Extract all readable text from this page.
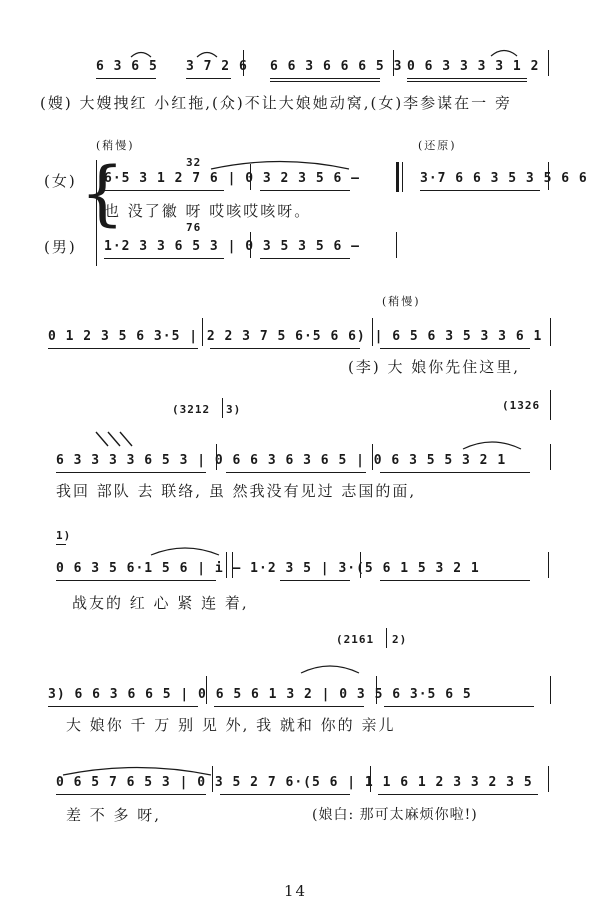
6 3 6 5 3 7 2 6 6 6 3 6 6 6 5 3 0 6 3 3 3 3 1 2
(嫂) 大嫂拽红 小红拖,(众)不让大娘她动窝,(女)李参谋在一 旁
(稍慢)	(还原)
32
{
(女)
(男)
6·5 3 1 2 7 6 | 0 3 2 3 5 6 —	3·7 6 6 3 5 3 5 6 6
也 没了徽 呀 哎咳哎咳呀。
76
1·2 3 3 6 5 3 | 0 3 5 3 5 6 —
(稍慢)
0 1 2 3 5 6 3·5 | 2 2 3 7 5 6·5 6 6) | 6 5 6 3 5 3 3 6 1
(李) 大 娘你先住这里,
(3212 3)	(1326
6 3 3 3 3 6 5 3 | 0 6 6 3 6 3 6 5 | 0 6 3 5 5 3 2 1
我回 部队 去 联络, 虽 然我没有见过 志国的面,
1)
0 6 3 5 6·1 5 6 | i — 1·2 3 5 | 3·(5 6 1 5 3 2 1
战友的 红 心 紧 连 着,
(2161 2)
3) 6 6 3 6 6 5 | 0 6 5 6 1 3 2 | 0 3 5 6 3·5 6 5
大 娘你 千 万 别 见 外, 我 就和 你的 亲儿
0 6 5 7 6 5 3 | 0 3 5 2 7 6·(5 6 | 1 1 6 1 2 3 3 2 3 5
差 不 多 呀,	(娘白: 那可太麻烦你啦!)
14
